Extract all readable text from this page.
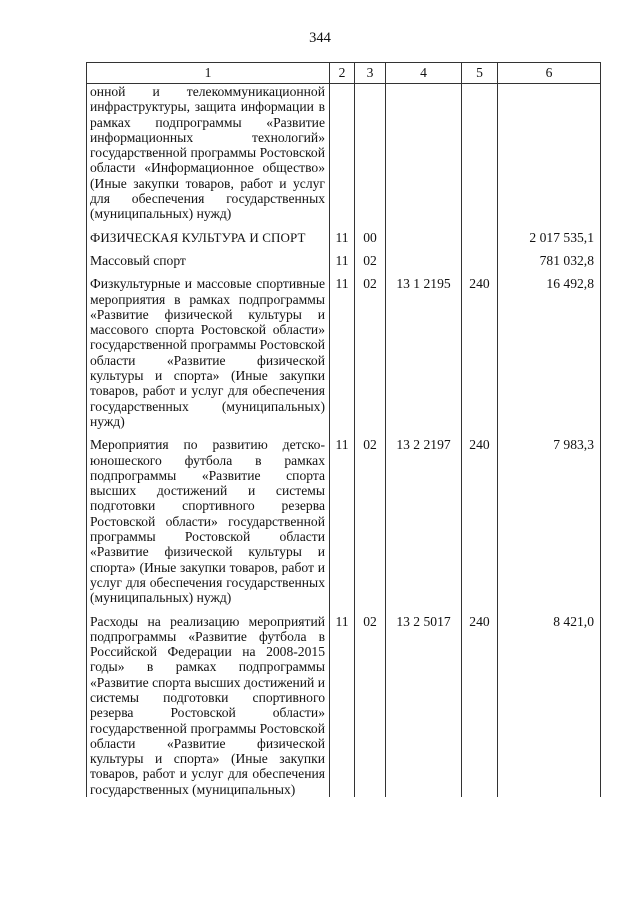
344
1	2	3	4	5	6
онной и телекоммуникационной инфраструктуры, защита информации в рамках подпрограммы «Развитие информационных технологий» государственной программы Ростовской области «Информационное общество» (Иные закупки товаров, работ и услуг для обеспечения государственных (муниципальных) нужд)					
ФИЗИЧЕСКАЯ КУЛЬТУРА И СПОРТ	11	00			2 017 535,1
Массовый спорт	11	02			781 032,8
Физкультурные и массовые спортивные мероприятия в рамках подпрограммы «Развитие физической культуры и массового спорта Ростовской области» государственной программы Ростовской области «Развитие физической культуры и спорта» (Иные закупки товаров, работ и услуг для обеспечения государственных (муниципальных) нужд)	11	02	13 1 2195	240	16 492,8
Мероприятия по развитию детско-юношеского футбола в рамках подпрограммы «Развитие спорта высших достижений и системы подготовки спортивного резерва Ростовской области» государственной программы Ростовской области «Развитие физической культуры и спорта» (Иные закупки товаров, работ и услуг для обеспечения государственных (муниципальных) нужд)	11	02	13 2 2197	240	7 983,3
Расходы на реализацию мероприятий подпрограммы «Развитие футбола в Российской Федерации на 2008-2015 годы» в рамках подпрограммы «Развитие спорта высших достижений и системы подготовки спортивного резерва Ростовской области» государственной программы Ростовской области «Развитие физической культуры и спорта» (Иные закупки товаров, работ и услуг для обеспечения государственных (муниципальных)	11	02	13 2 5017	240	8 421,0
